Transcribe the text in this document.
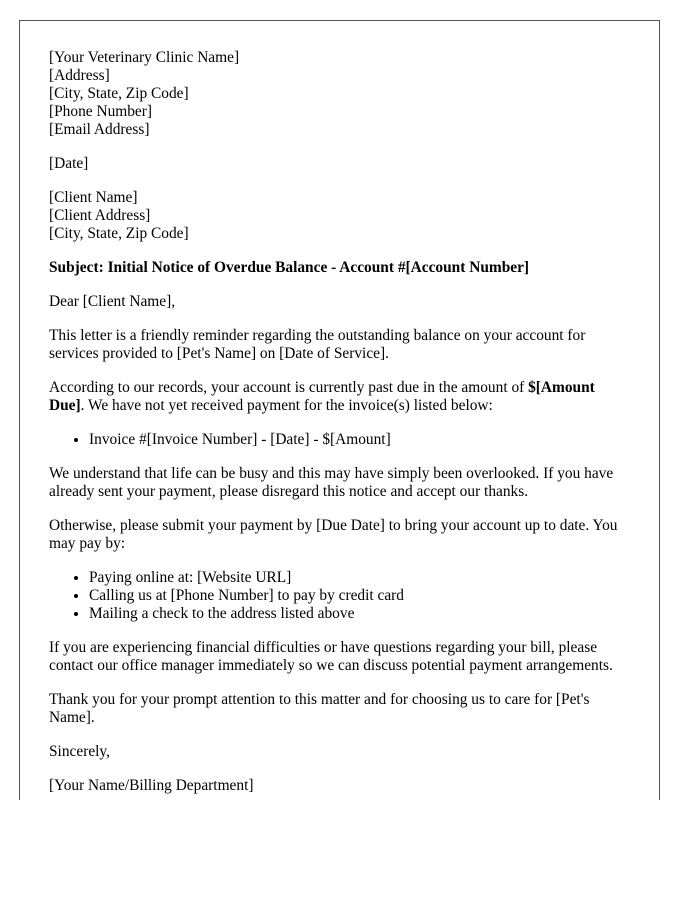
[Your Veterinary Clinic Name]
[Address]
[City, State, Zip Code]
[Phone Number]
[Email Address]
[Date]
[Client Name]
[Client Address]
[City, State, Zip Code]

Subject: Initial Notice of Overdue Balance - Account #[Account Number]

Dear [Client Name],

This letter is a friendly reminder regarding the outstanding balance on your account for services provided to [Pet's Name] on [Date of Service].

According to our records, your account is currently past due in the amount of $[Amount Due]. We have not yet received payment for the invoice(s) listed below:

• Invoice #[Invoice Number] - [Date] - $[Amount]

We understand that life can be busy and this may have simply been overlooked. If you have already sent your payment, please disregard this notice and accept our thanks.

Otherwise, please submit your payment by [Due Date] to bring your account up to date. You may pay by:

• Paying online at: [Website URL]
• Calling us at [Phone Number] to pay by credit card
• Mailing a check to the address listed above

If you are experiencing financial difficulties or have questions regarding your bill, please contact our office manager immediately so we can discuss potential payment arrangements.

Thank you for your prompt attention to this matter and for choosing us to care for [Pet's Name].

Sincerely,

[Your Name/Billing Department]
